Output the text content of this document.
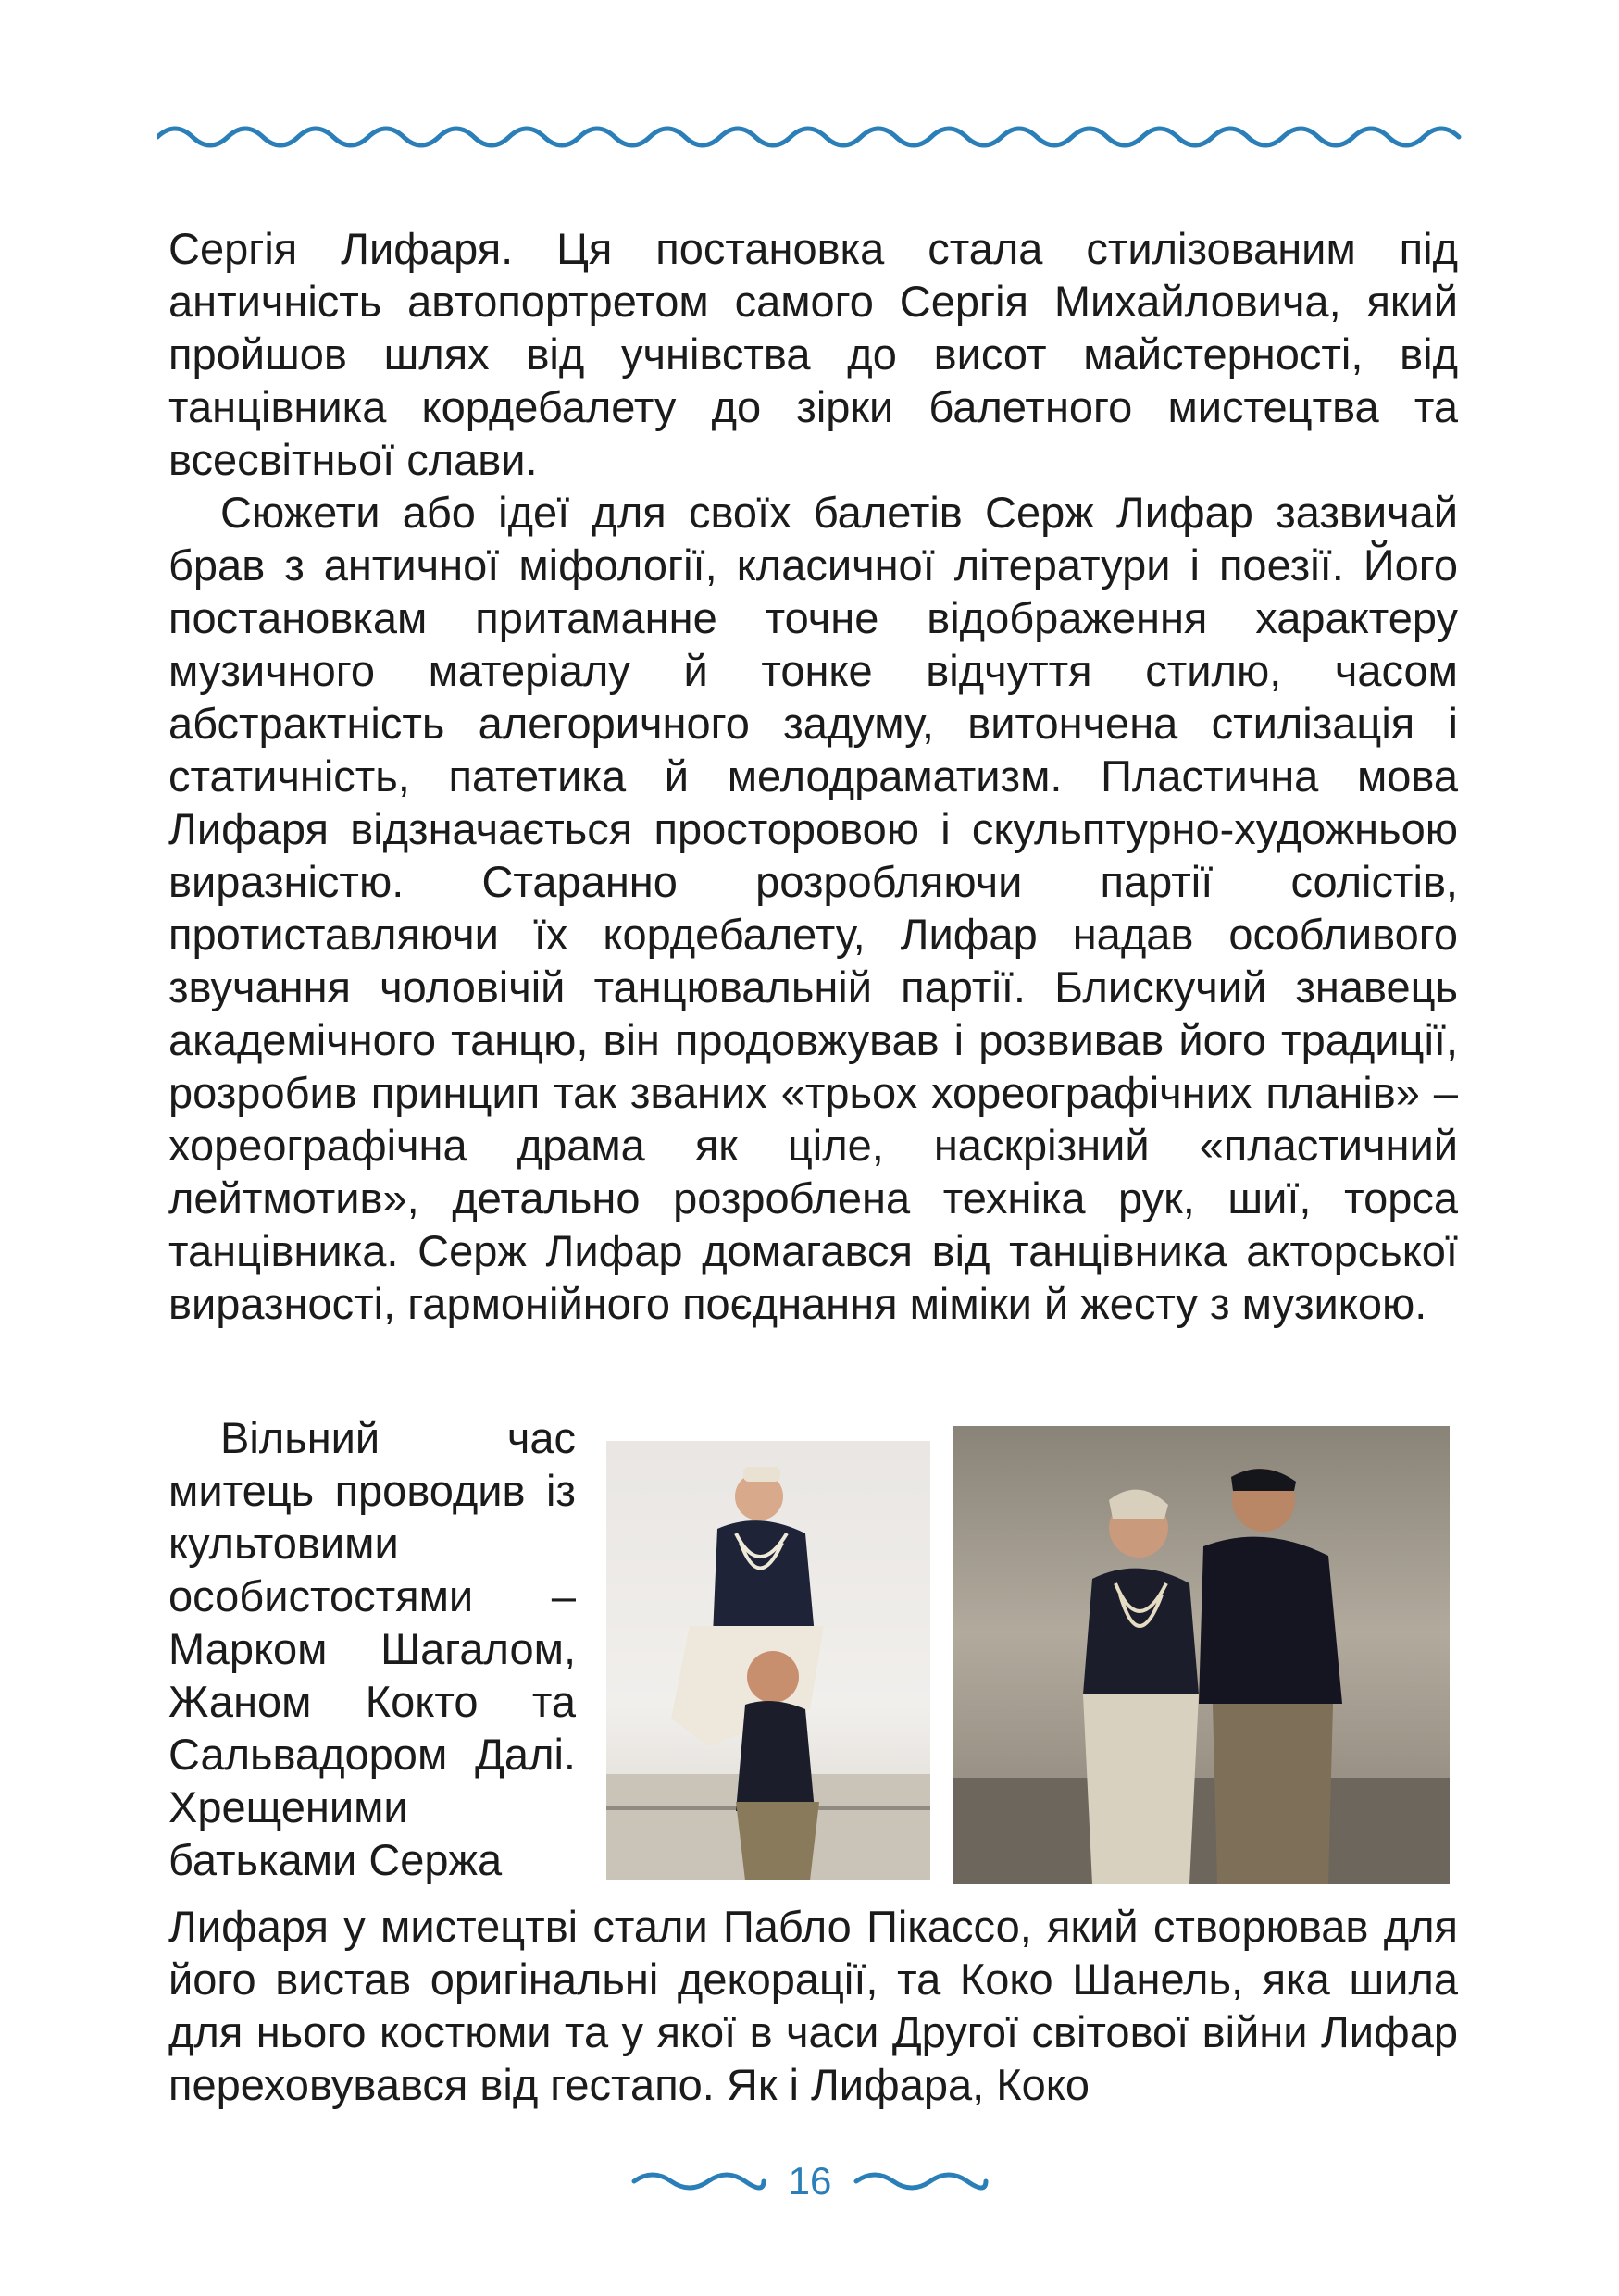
Сергія Лифаря. Ця постановка стала стилізованим під античність автопортретом самого Сергія Михайловича, який пройшов шлях від учнівства до висот майстерності, від танцівника кордебалету до зірки балетного мистецтва та всесвітньої слави.

Сюжети або ідеї для своїх балетів Серж Лифар зазвичай брав з античної міфології, класичної літератури і поезії. Його постановкам притаманне точне відображення характеру музичного матеріалу й тонке відчуття стилю, часом абстрактність алегоричного задуму, витончена стилізація і статичність, патетика й мелодраматизм. Пластична мова Лифаря відзначається просторовою і скульптурно-художньою виразністю. Старанно розробляючи партії солістів, протиставляючи їх кордебалету, Лифар надав особливого звучання чоловічій танцювальній партії. Блискучий знавець академічного танцю, він продовжував і розвивав його традиції, розробив принцип так званих «трьох хореографічних планів» – хореографічна драма як ціле, наскрізний «пластичний лейтмотив», детально розроблена техніка рук, шиї, торса танцівника. Серж Лифар домагався від танцівника акторської виразності, гармонійного поєднання міміки й жесту з музикою.

Вільний час митець проводив із культовими особистостями – Марком Шагалом, Жаном Кокто та Сальвадором Далі. Хрещеними батьками Сержа

Лифаря у мистецтві стали Пабло Пікассо, який створював для його вистав оригінальні декорації, та Коко Шанель, яка шила для нього костюми та у якої в часи Другої світової війни Лифар переховувався від гестапо. Як і Лифара, Коко

16
